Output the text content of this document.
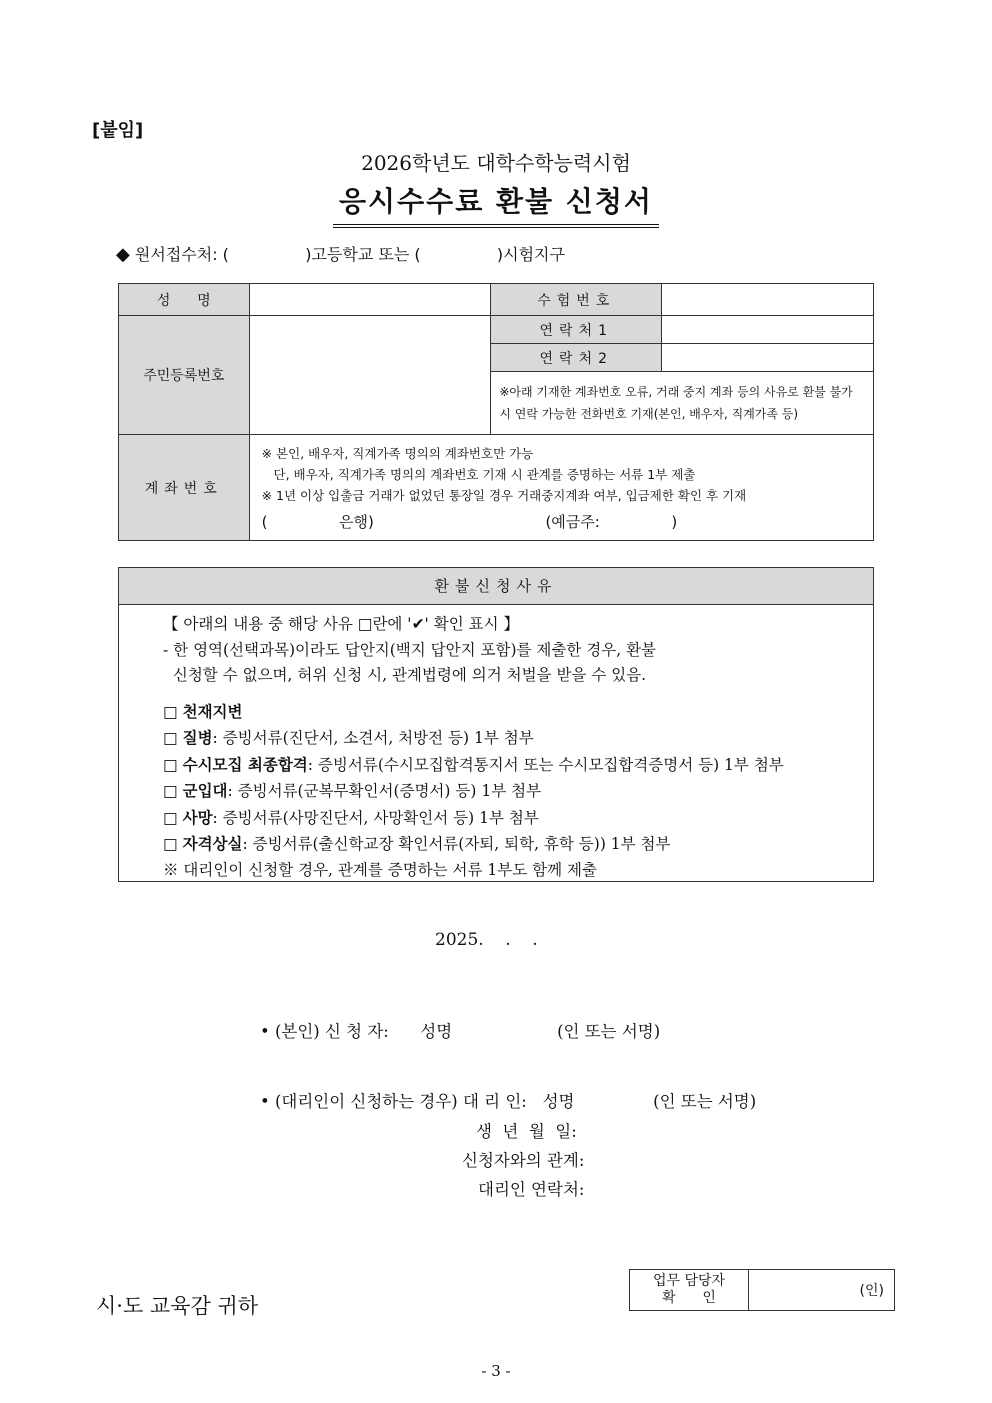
[붙임]
2026학년도 대학수학능력시험
응시수수료 환불 신청서
◆ 원서접수처: (               )고등학교 또는 (               )시험지구
성      명		수험번호	
주민등록번호		연락처1	
		연락처2	
		※아래 기재한 계좌번호 오류, 거래 중지 계좌 등의 사유로 환불 불가 시 연락 가능한 전화번호 기재(본인, 배우자, 직계가족 등)	
계좌번호	※ 본인, 배우자, 직계가족 명의의 계좌번호만 가능
단, 배우자, 직계가족 명의의 계좌번호 기재 시 관계를 증명하는 서류 1부 제출
※ 1년 이상 입출금 거래가 없었던 통장일 경우 거래중지계좌 여부, 입금제한 확인 후 기재
(               은행)                                    (예금주:               )		
환불신청사유
【 아래의 내용 중 해당 사유 □란에 '✔' 확인 표시 】
- 한 영역(선택과목)이라도 답안지(백지 답안지 포함)를 제출한 경우, 환불
신청할 수 없으며, 허위 신청 시, 관계법령에 의거 처벌을 받을 수 있음.
□ 천재지변
□ 질병: 증빙서류(진단서, 소견서, 처방전 등) 1부 첨부
□ 수시모집 최종합격: 증빙서류(수시모집합격통지서 또는 수시모집합격증명서 등) 1부 첨부
□ 군입대: 증빙서류(군복무확인서(증명서) 등) 1부 첨부
□ 사망: 증빙서류(사망진단서, 사망확인서 등) 1부 첨부
□ 자격상실: 증빙서류(출신학교장 확인서류(자퇴, 퇴학, 휴학 등)) 1부 첨부
※ 대리인이 신청할 경우, 관계를 증명하는 서류 1부도 함께 제출
2025.    .    .
• (본인) 신 청 자:      성명                    (인 또는 서명)
• (대리인이 신청하는 경우) 대 리 인:   성명               (인 또는 서명)
생  년  월  일:
신청자와의 관계:
대리인 연락처:
시·도 교육감 귀하
업무 담당자
확      인	(인)
- 3 -
